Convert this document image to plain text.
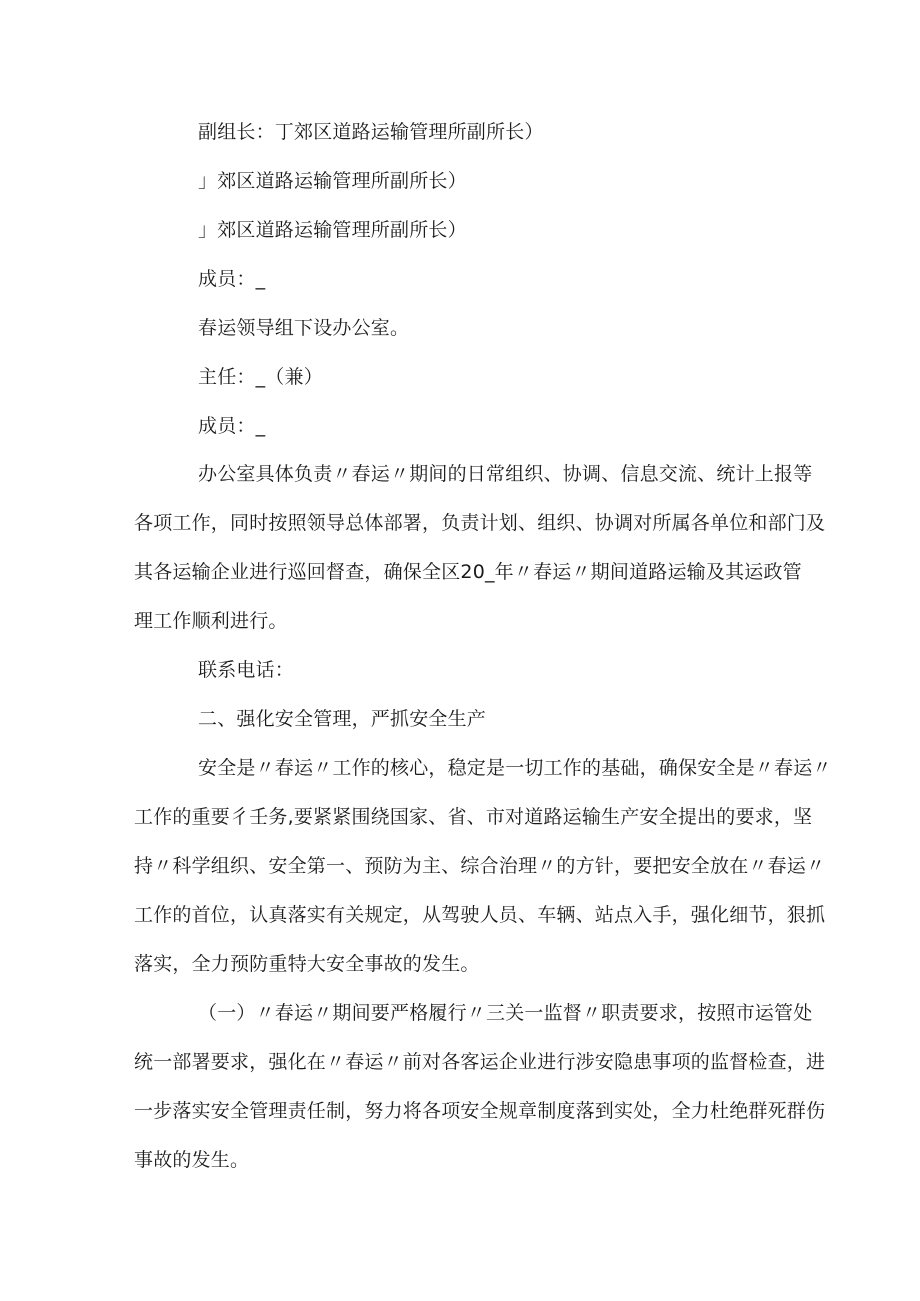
副组长：丁郊区道路运输管理所副所长）
」郊区道路运输管理所副所长）
」郊区道路运输管理所副所长）
成员：_
春运领导组下设办公室。
主任：_（兼）
成员：_
办公室具体负责〃春运〃期间的日常组织、协调、信息交流、统计上报等
各项工作，同时按照领导总体部署，负责计划、组织、协调对所属各单位和部门及
其各运输企业进行巡回督查，确保全区20_年〃春运〃期间道路运输及其运政管
理工作顺利进行。
联系电话：
二、强化安全管理，严抓安全生产
安全是〃春运〃工作的核心，稳定是一切工作的基础，确保安全是〃春运〃
工作的重要彳壬务,要紧紧围绕国家、省、市对道路运输生产安全提出的要求，坚
持〃科学组织、安全第一、预防为主、综合治理〃的方针，要把安全放在〃春运〃
工作的首位，认真落实有关规定，从驾驶人员、车辆、站点入手，强化细节，狠抓
落实，全力预防重特大安全事故的发生。
（一）〃春运〃期间要严格履行〃三关一监督〃职责要求，按照市运管处
统一部署要求，强化在〃春运〃前对各客运企业进行涉安隐患事项的监督检查，进
一步落实安全管理责任制，努力将各项安全规章制度落到实处，全力杜绝群死群伤
事故的发生。
